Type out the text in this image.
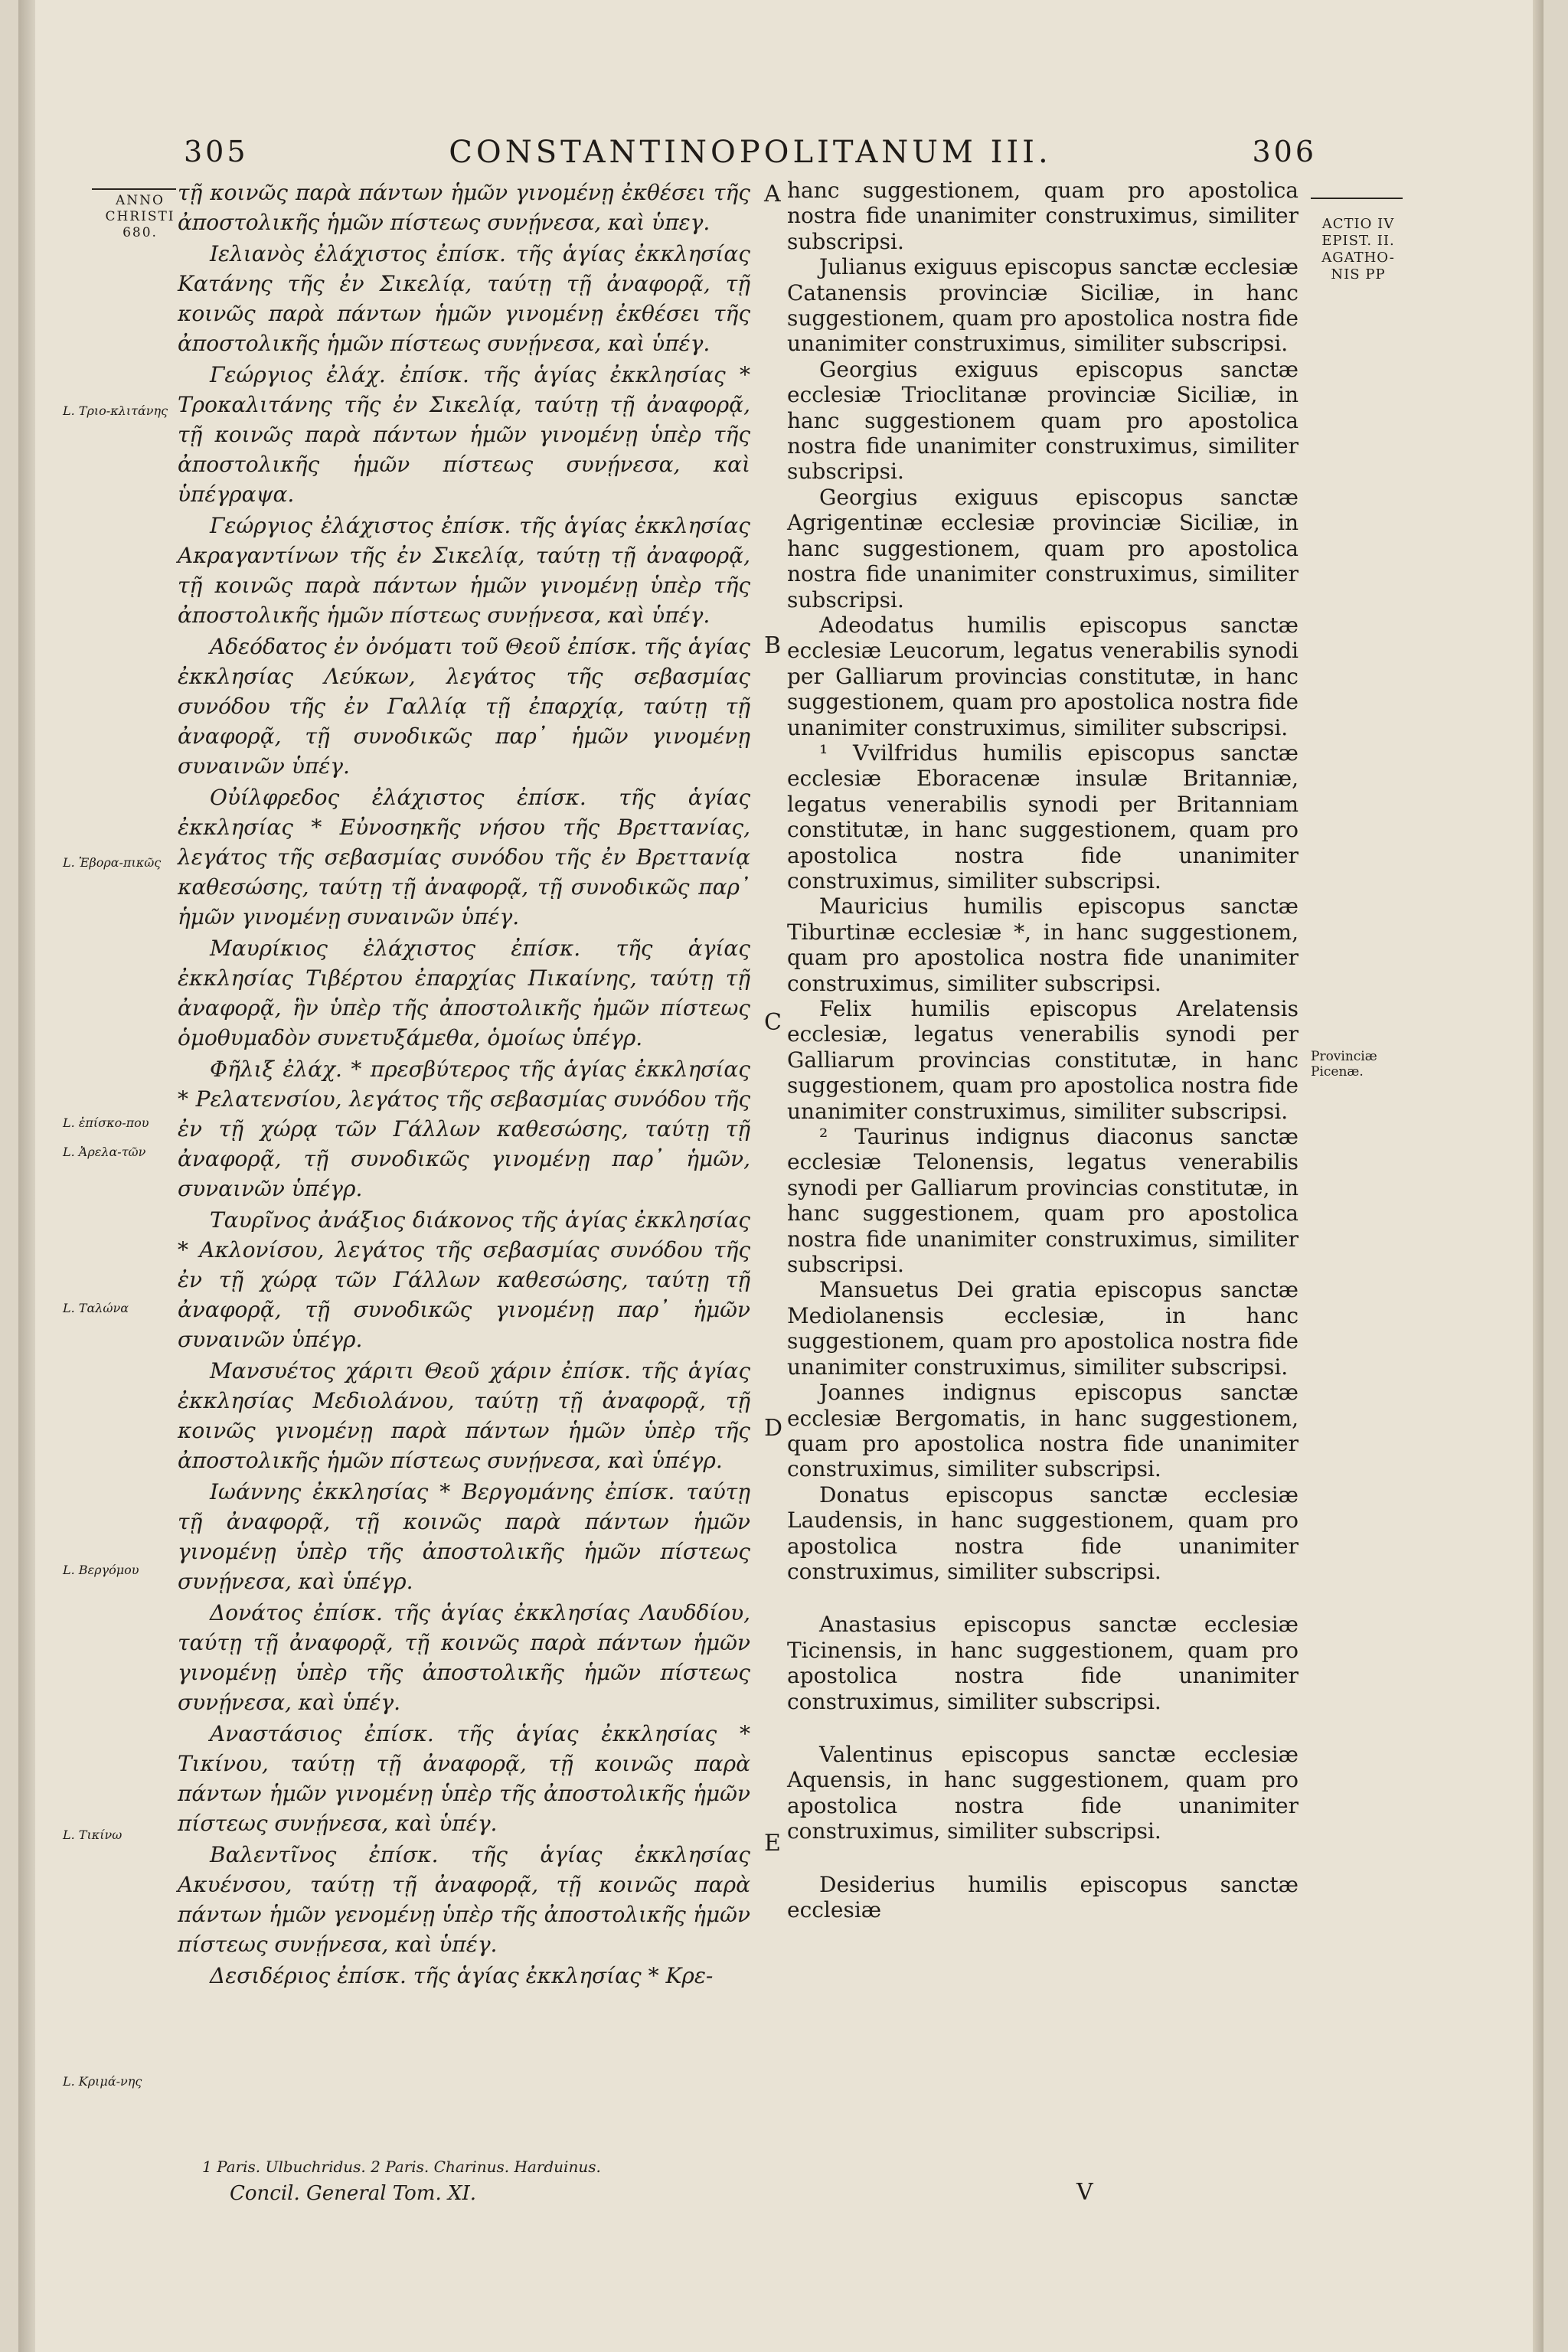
305	CONSTANTINOPOLITANUM III.	306
ANNO
CHRISTI
680.
ACTIO IV
EPIST. II.
AGATHO-
NIS PP

τῇ κοινῶς παρὰ πάντων ἡμῶν γινομένῃ ἐκθέσει τῆς ἀποστολικῆς ἡμῶν πίστεως συνῄνεσα, καὶ ὑπεγ.

Ιελιανὸς ἐλάχιστος ἐπίσκ. τῆς ἁγίας ἐκκλησίας Κατάνης τῆς ἐν Σικελίᾳ, ταύτῃ τῇ ἀναφορᾷ, τῇ κοινῶς παρὰ πάντων ἡμῶν γινομένῃ ἐκθέσει τῆς ἀποστολικῆς ἡμῶν πίστεως συνῄνεσα, καὶ ὑπέγ.

Γεώργιος ἐλάχ. ἐπίσκ. τῆς ἁγίας ἐκκλησίας * Τροκαλιτάνης τῆς ἐν Σικελίᾳ, ταύτῃ τῇ ἀναφορᾷ, τῇ κοινῶς παρὰ πάντων ἡμῶν γινομένῃ ὑπὲρ τῆς ἀποστολικῆς ἡμῶν πίστεως συνῄνεσα, καὶ ὑπέγραψα.

Γεώργιος ἐλάχιστος ἐπίσκ. τῆς ἁγίας ἐκκλησίας Ακραγαντίνων τῆς ἐν Σικελίᾳ, ταύτῃ τῇ ἀναφορᾷ, τῇ κοινῶς παρὰ πάντων ἡμῶν γινομένῃ ὑπὲρ τῆς ἀποστολικῆς ἡμῶν πίστεως συνῄνεσα, καὶ ὑπέγ.

Αδεόδατος ἐν ὀνόματι τοῦ Θεοῦ ἐπίσκ. τῆς ἁγίας ἐκκλησίας Λεύκων, λεγάτος τῆς σεβασμίας συνόδου τῆς ἐν Γαλλίᾳ τῇ ἐπαρχίᾳ, ταύτῃ τῇ ἀναφορᾷ, τῇ συνοδικῶς παρ᾽ ἡμῶν γινομένῃ συναινῶν ὑπέγ.

Οὐίλφρεδος ἐλάχιστος ἐπίσκ. τῆς ἁγίας ἐκκλησίας * Εὐνοσηκῆς νήσου τῆς Βρεττανίας, λεγάτος τῆς σεβασμίας συνόδου τῆς ἐν Βρεττανίᾳ καθεσώσης, ταύτῃ τῇ ἀναφορᾷ, τῇ συνοδικῶς παρ᾽ ἡμῶν γινομένῃ συναινῶν ὑπέγ.

Μαυρίκιος ἐλάχιστος ἐπίσκ. τῆς ἁγίας ἐκκλησίας Τιβέρτου ἐπαρχίας Πικαίνης, ταύτῃ τῇ ἀναφορᾷ, ἣν ὑπὲρ τῆς ἀποστολικῆς ἡμῶν πίστεως ὁμοθυμαδὸν συνετυξάμεθα, ὁμοίως ὑπέγρ.

Φῆλιξ ἐλάχ. * πρεσβύτερος τῆς ἁγίας ἐκκλησίας * Ρελατενσίου, λεγάτος τῆς σεβασμίας συνόδου τῆς ἐν τῇ χώρᾳ τῶν Γάλλων καθεσώσης, ταύτῃ τῇ ἀναφορᾷ, τῇ συνοδικῶς γινομένῃ παρ᾽ ἡμῶν, συναινῶν ὑπέγρ.

Ταυρῖνος ἀνάξιος διάκονος τῆς ἁγίας ἐκκλησίας * Ακλονίσου, λεγάτος τῆς σεβασμίας συνόδου τῆς ἐν τῇ χώρᾳ τῶν Γάλλων καθεσώσης, ταύτῃ τῇ ἀναφορᾷ, τῇ συνοδικῶς γινομένῃ παρ᾽ ἡμῶν συναινῶν ὑπέγρ.

Μανσυέτος χάριτι Θεοῦ χάριν ἐπίσκ. τῆς ἁγίας ἐκκλησίας Μεδιολάνου, ταύτῃ τῇ ἀναφορᾷ, τῇ κοινῶς γινομένῃ παρὰ πάντων ἡμῶν ὑπὲρ τῆς ἀποστολικῆς ἡμῶν πίστεως συνῄνεσα, καὶ ὑπέγρ.

Ιωάννης ἐκκλησίας * Βεργομάνης ἐπίσκ. ταύτῃ τῇ ἀναφορᾷ, τῇ κοινῶς παρὰ πάντων ἡμῶν γινομένῃ ὑπὲρ τῆς ἀποστολικῆς ἡμῶν πίστεως συνῄνεσα, καὶ ὑπέγρ.

Δονάτος ἐπίσκ. τῆς ἁγίας ἐκκλησίας Λαυδδίου, ταύτῃ τῇ ἀναφορᾷ, τῇ κοινῶς παρὰ πάντων ἡμῶν γινομένῃ ὑπὲρ τῆς ἀποστολικῆς ἡμῶν πίστεως συνῄνεσα, καὶ ὑπέγ.

Αναστάσιος ἐπίσκ. τῆς ἁγίας ἐκκλησίας * Τικίνου, ταύτῃ τῇ ἀναφορᾷ, τῇ κοινῶς παρὰ πάντων ἡμῶν γινομένῃ ὑπὲρ τῆς ἀποστολικῆς ἡμῶν πίστεως συνῄνεσα, καὶ ὑπέγ.

Βαλεντῖνος ἐπίσκ. τῆς ἁγίας ἐκκλησίας Ακυένσου, ταύτῃ τῇ ἀναφορᾷ, τῇ κοινῶς παρὰ πάντων ἡμῶν γενομένῃ ὑπὲρ τῆς ἀποστολικῆς ἡμῶν πίστεως συνῄνεσα, καὶ ὑπέγ.

Δεσιδέριος ἐπίσκ. τῆς ἁγίας ἐκκλησίας * Κρε-

A
B
C
D
E

hanc suggestionem, quam pro apostolica nostra fide unanimiter construximus, similiter subscripsi.

Julianus exiguus episcopus sanctæ ecclesiæ Catanensis provinciæ Siciliæ, in hanc suggestionem, quam pro apostolica nostra fide unanimiter construximus, similiter subscripsi.

Georgius exiguus episcopus sanctæ ecclesiæ Trioclitanæ provinciæ Siciliæ, in hanc suggestionem quam pro apostolica nostra fide unanimiter construximus, similiter subscripsi.

Georgius exiguus episcopus sanctæ Agrigentinæ ecclesiæ provinciæ Siciliæ, in hanc suggestionem, quam pro apostolica nostra fide unanimiter construximus, similiter subscripsi.

Adeodatus humilis episcopus sanctæ ecclesiæ Leucorum, legatus venerabilis synodi per Galliarum provincias constitutæ, in hanc suggestionem, quam pro apostolica nostra fide unanimiter construximus, similiter subscripsi.

¹ Vvilfridus humilis episcopus sanctæ ecclesiæ Eboracenæ insulæ Britanniæ, legatus venerabilis synodi per Britanniam constitutæ, in hanc suggestionem, quam pro apostolica nostra fide unanimiter construximus, similiter subscripsi.

Mauricius humilis episcopus sanctæ Tiburtinæ ecclesiæ *, in hanc suggestionem, quam pro apostolica nostra fide unanimiter construximus, similiter subscripsi.

Felix humilis episcopus Arelatensis ecclesiæ, legatus venerabilis synodi per Galliarum provincias constitutæ, in hanc suggestionem, quam pro apostolica nostra fide unanimiter construximus, similiter subscripsi.

² Taurinus indignus diaconus sanctæ ecclesiæ Telonensis, legatus venerabilis synodi per Galliarum provincias constitutæ, in hanc suggestionem, quam pro apostolica nostra fide unanimiter construximus, similiter subscripsi.

Mansuetus Dei gratia episcopus sanctæ Mediolanensis ecclesiæ, in hanc suggestionem, quam pro apostolica nostra fide unanimiter construximus, similiter subscripsi.

Joannes indignus episcopus sanctæ ecclesiæ Bergomatis, in hanc suggestionem, quam pro apostolica nostra fide unanimiter construximus, similiter subscripsi.

Donatus episcopus sanctæ ecclesiæ Laudensis, in hanc suggestionem, quam pro apostolica nostra fide unanimiter construximus, similiter subscripsi.

Anastasius episcopus sanctæ ecclesiæ Ticinensis, in hanc suggestionem, quam pro apostolica nostra fide unanimiter construximus, similiter subscripsi.

Valentinus episcopus sanctæ ecclesiæ Aquensis, in hanc suggestionem, quam pro apostolica nostra fide unanimiter construximus, similiter subscripsi.

Desiderius humilis episcopus sanctæ ecclesiæ

L. Τριο-κλιτάνης
L. Ἐβορα-πικῶς
L. ἐπίσκο-που
L. Ἀρελα-τῶν
L. Ταλώνα
L. Βεργόμου
L. Τικίνω
L. Κριμά-νης
Provinciæ
Picenæ.
1 Paris. Ulbuchridus. 2 Paris. Charinus. Harduinus.
Concil. General Tom. XI.	V
